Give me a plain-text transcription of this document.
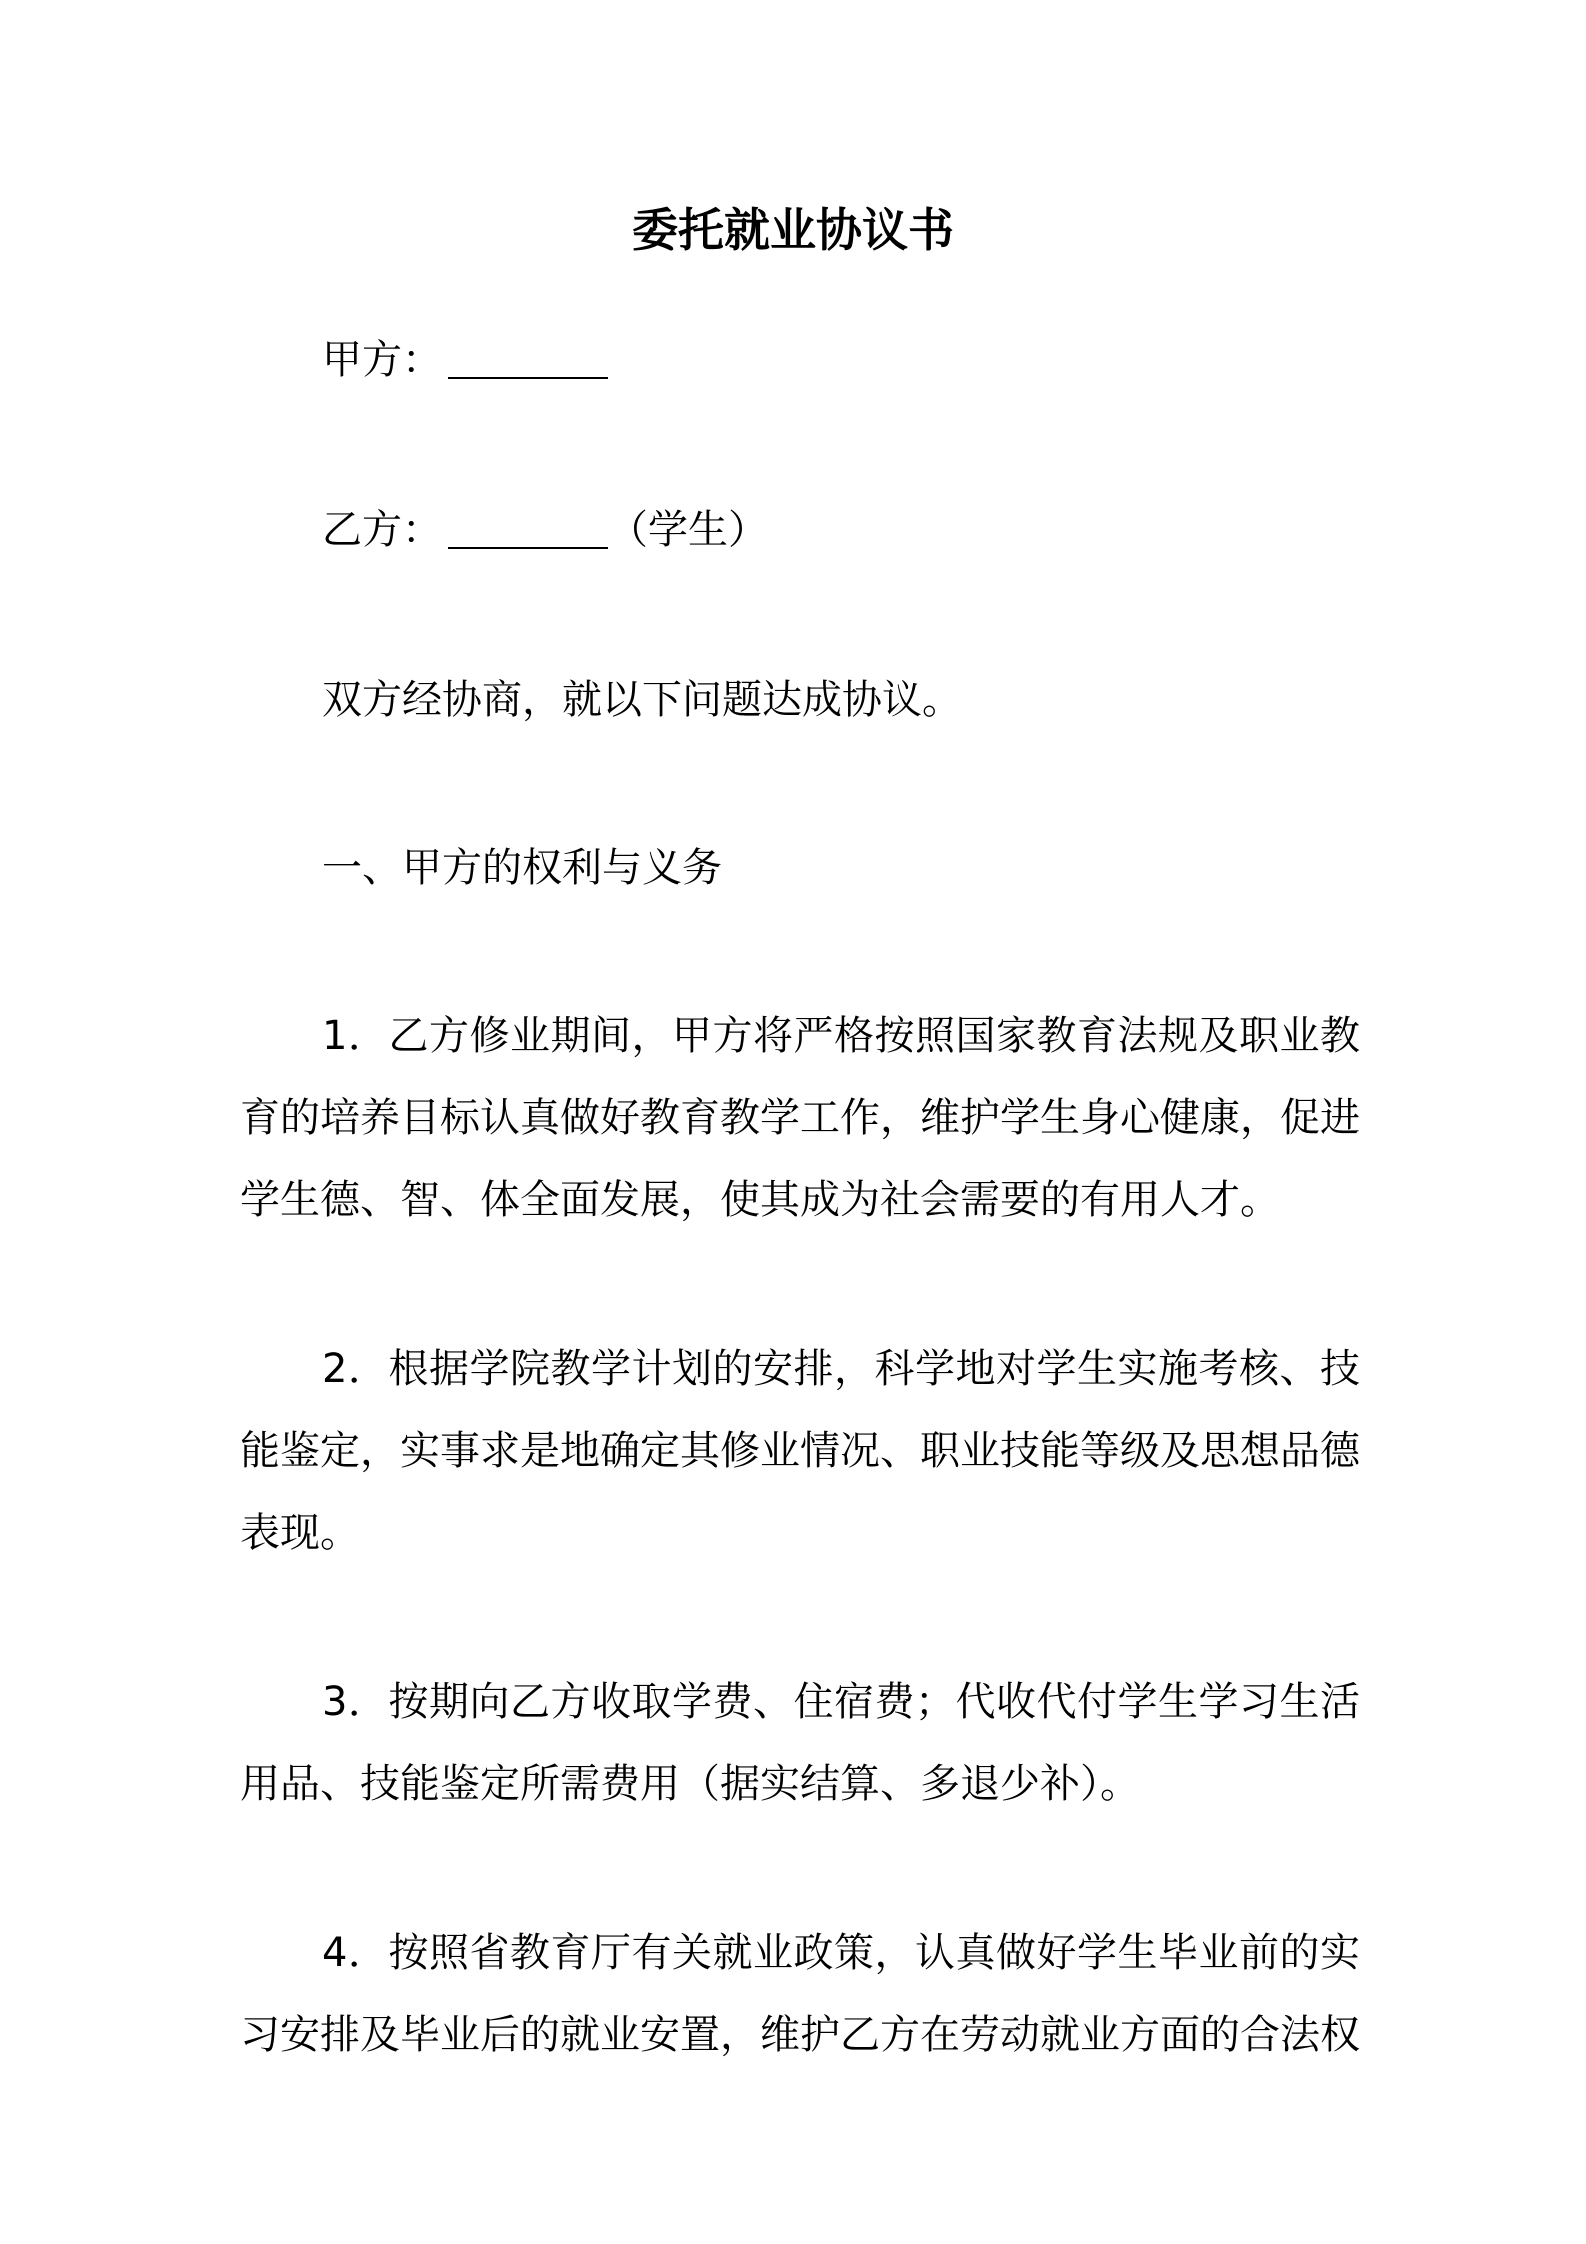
委托就业协议书
甲方：
乙方：	（学生）
双方经协商，就以下问题达成协议。
一、甲方的权利与义务
1．乙方修业期间，甲方将严格按照国家教育法规及职业教育的培养目标认真做好教育教学工作，维护学生身心健康，促进学生德、智、体全面发展，使其成为社会需要的有用人才。
2．根据学院教学计划的安排，科学地对学生实施考核、技能鉴定，实事求是地确定其修业情况、职业技能等级及思想品德表现。
3．按期向乙方收取学费、住宿费；代收代付学生学习生活用品、技能鉴定所需费用（据实结算、多退少补）。
4．按照省教育厅有关就业政策，认真做好学生毕业前的实习安排及毕业后的就业安置，维护乙方在劳动就业方面的合法权
